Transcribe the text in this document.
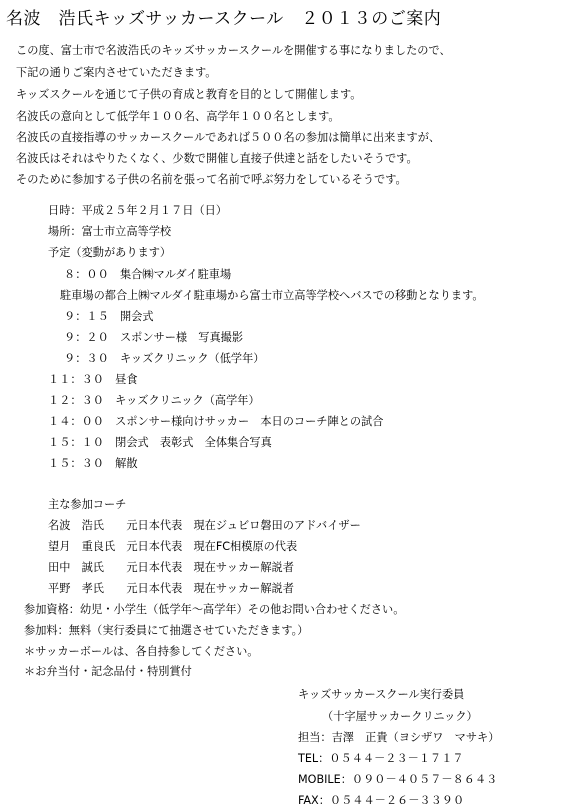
名波　浩氏キッズサッカースクール　２０１３のご案内
この度、富士市で名波浩氏のキッズサッカースクールを開催する事になりましたので、
下記の通りご案内させていただきます。
キッズスクールを通じて子供の育成と教育を目的として開催します。
名波氏の意向として低学年１００名、高学年１００名とします。
名波氏の直接指導のサッカースクールであれば５００名の参加は簡単に出来ますが、
名波氏はそれはやりたくなく、少数で開催し直接子供達と話をしたいそうです。
そのために参加する子供の名前を張って名前で呼ぶ努力をしているそうです。
日時：平成２５年２月１７日（日）
場所：富士市立高等学校
予定（変動があります）
８：００　集合㈱マルダイ駐車場
駐車場の都合上㈱マルダイ駐車場から富士市立高等学校へバスでの移動となります。
９：１５　開会式
９：２０　スポンサー様　写真撮影
９：３０　キッズクリニック（低学年）
１１：３０　昼食
１２：３０　キッズクリニック（高学年）
１４：００　スポンサー様向けサッカー　本日のコーチ陣との試合
１５：１０　閉会式　表彰式　全体集合写真
１５：３０　解散
主な参加コーチ
名波　浩氏　　元日本代表　現在ジュビロ磐田のアドバイザー
望月　重良氏　元日本代表　現在FC相模原の代表
田中　誠氏　　元日本代表　現在サッカー解説者
平野　孝氏　　元日本代表　現在サッカー解説者
参加資格：幼児・小学生（低学年～高学年）その他お問い合わせください。
参加料：無料（実行委員にて抽選させていただきます。）
＊サッカーボールは、各自持参してください。
＊お弁当付・記念品付・特別賞付
キッズサッカースクール実行委員
（十字屋サッカークリニック）
担当：吉澤　正貴（ヨシザワ　マサキ）
TEL：０５４４－２３－１７１７
MOBILE：０９０－４０５７－８６４３
FAX：０５４４－２６－３３９０
